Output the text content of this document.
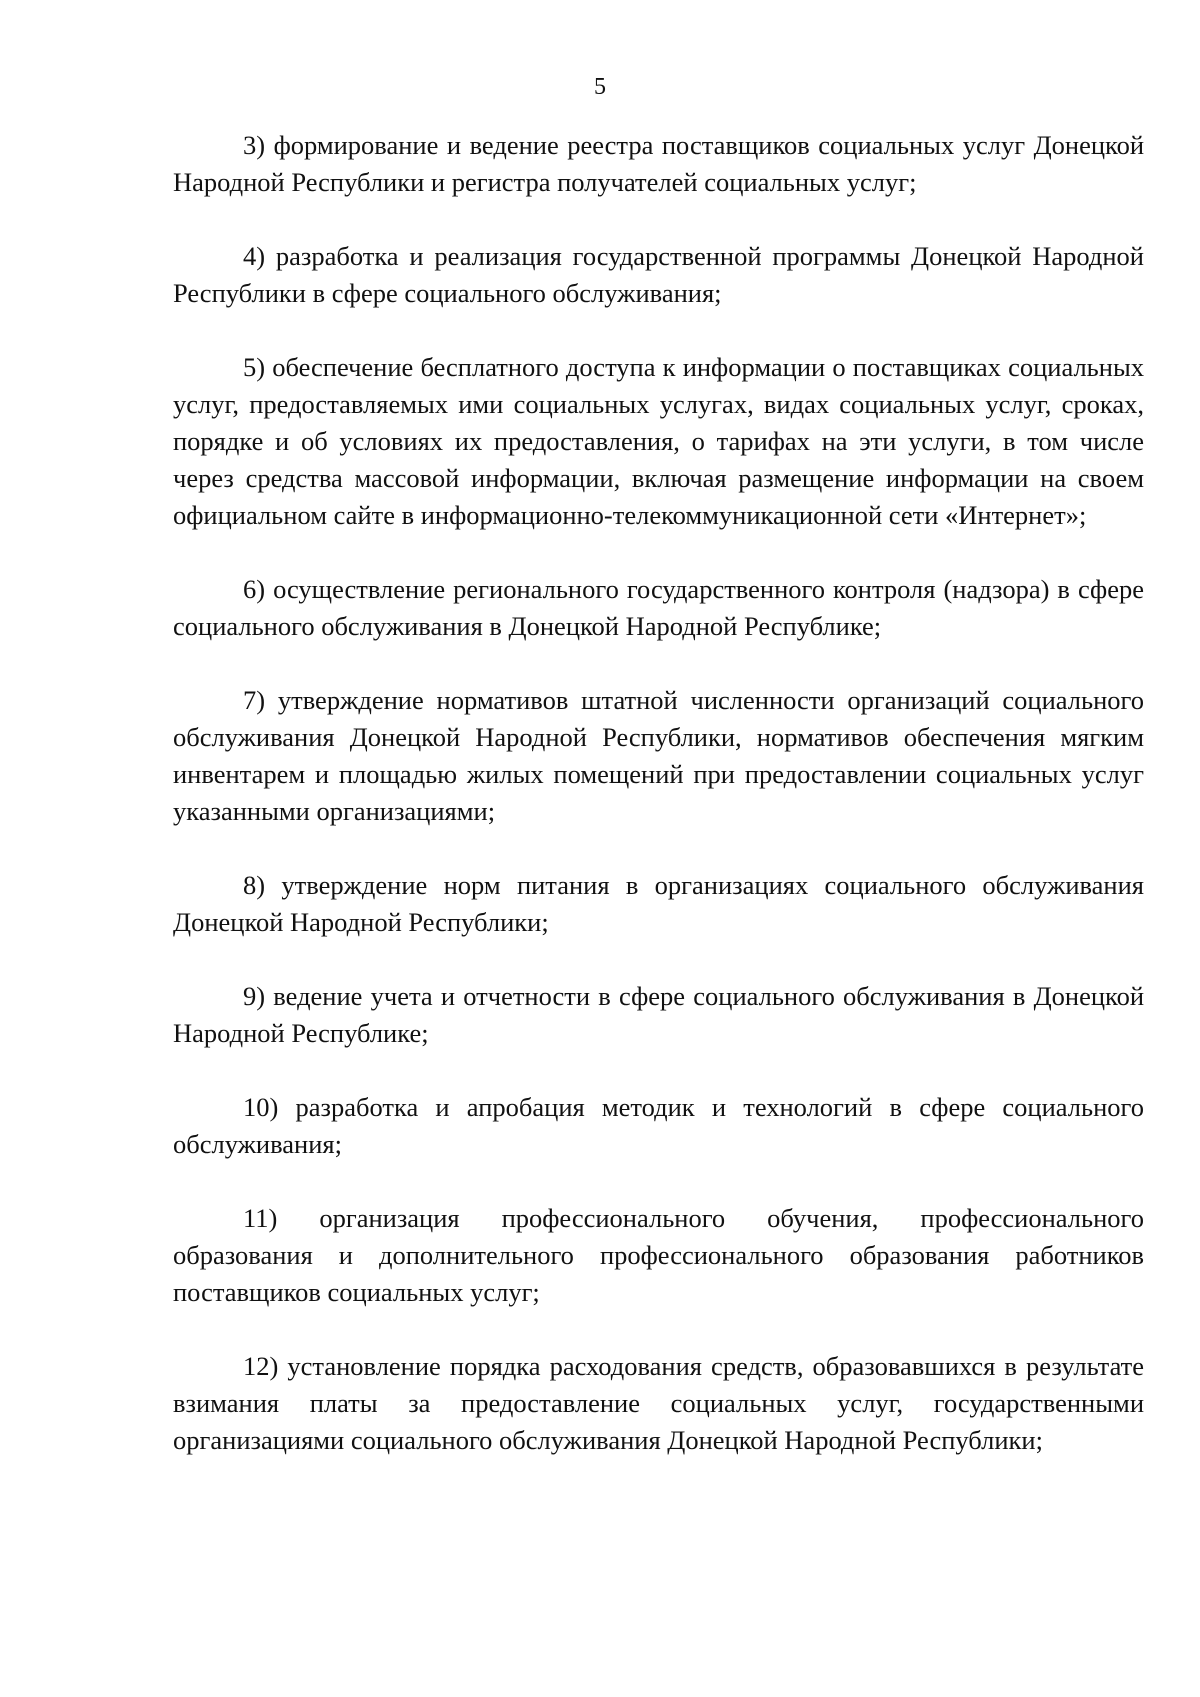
5

3) формирование и ведение реестра поставщиков социальных услуг Донецкой Народной Республики и регистра получателей социальных услуг;

4) разработка и реализация государственной программы Донецкой Народной Республики в сфере социального обслуживания;

5) обеспечение бесплатного доступа к информации о поставщиках социальных услуг, предоставляемых ими социальных услугах, видах социальных услуг, сроках, порядке и об условиях их предоставления, о тарифах на эти услуги, в том числе через средства массовой информации, включая размещение информации на своем официальном сайте в информационно-телекоммуникационной сети «Интернет»;

6) осуществление регионального государственного контроля (надзора) в сфере социального обслуживания в Донецкой Народной Республике;

7) утверждение нормативов штатной численности организаций социального обслуживания Донецкой Народной Республики, нормативов обеспечения мягким инвентарем и площадью жилых помещений при предоставлении социальных услуг указанными организациями;

8) утверждение норм питания в организациях социального обслуживания Донецкой Народной Республики;

9) ведение учета и отчетности в сфере социального обслуживания в Донецкой Народной Республике;

10) разработка и апробация методик и технологий в сфере социального обслуживания;

11) организация профессионального обучения, профессионального образования и дополнительного профессионального образования работников поставщиков социальных услуг;

12) установление порядка расходования средств, образовавшихся в результате взимания платы за предоставление социальных услуг, государственными организациями социального обслуживания Донецкой Народной Республики;
